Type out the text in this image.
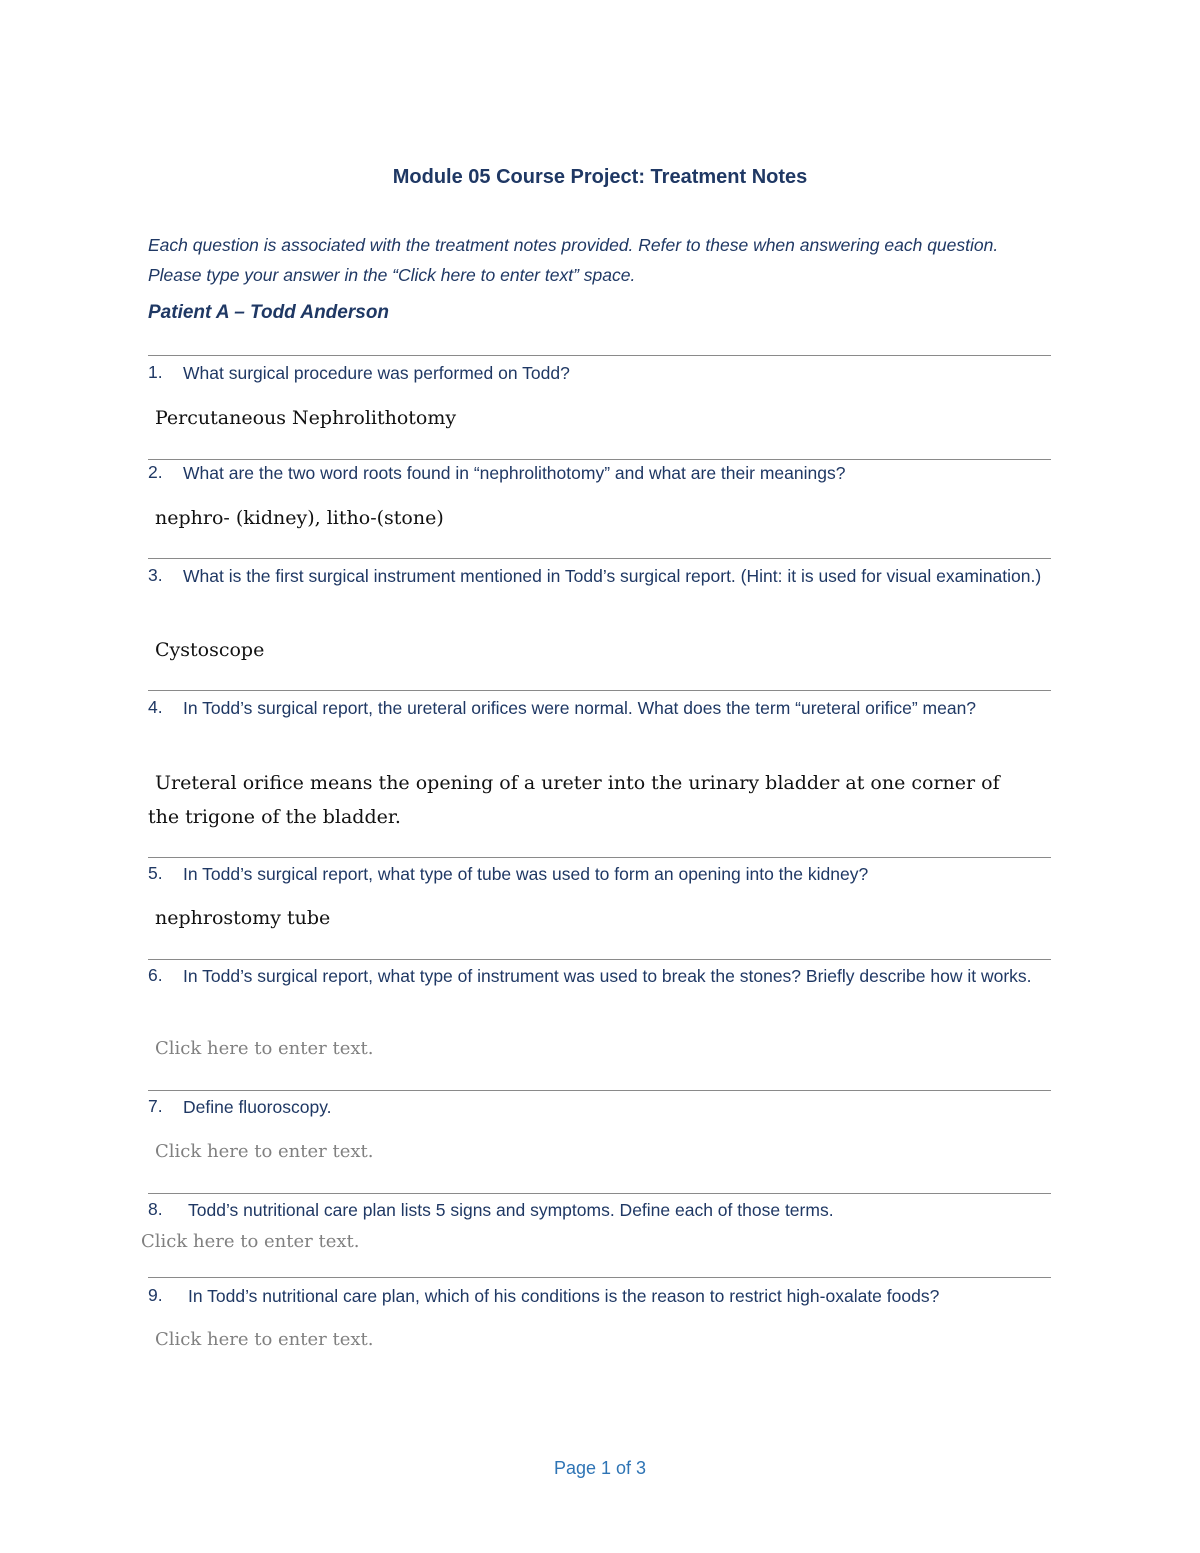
Module 05 Course Project: Treatment Notes

Each question is associated with the treatment notes provided. Refer to these when answering each question. Please type your answer in the “Click here to enter text” space.

Patient A – Todd Anderson
1. What surgical procedure was performed on Todd?
Percutaneous Nephrolithotomy
2. What are the two word roots found in “nephrolithotomy” and what are their meanings?
nephro- (kidney), litho-(stone)
3. What is the first surgical instrument mentioned in Todd’s surgical report. (Hint: it is used for visual examination.)
Cystoscope
4. In Todd’s surgical report, the ureteral orifices were normal. What does the term “ureteral orifice” mean?
Ureteral orifice means the opening of a ureter into the urinary bladder at one corner of the trigone of the bladder.
5. In Todd’s surgical report, what type of tube was used to form an opening into the kidney?
nephrostomy tube
6. In Todd’s surgical report, what type of instrument was used to break the stones? Briefly describe how it works.
Click here to enter text.
7. Define fluoroscopy.
Click here to enter text.
8. Todd’s nutritional care plan lists 5 signs and symptoms. Define each of those terms.
Click here to enter text.
9. In Todd’s nutritional care plan, which of his conditions is the reason to restrict high-oxalate foods?
Click here to enter text.
Page 1 of 3
